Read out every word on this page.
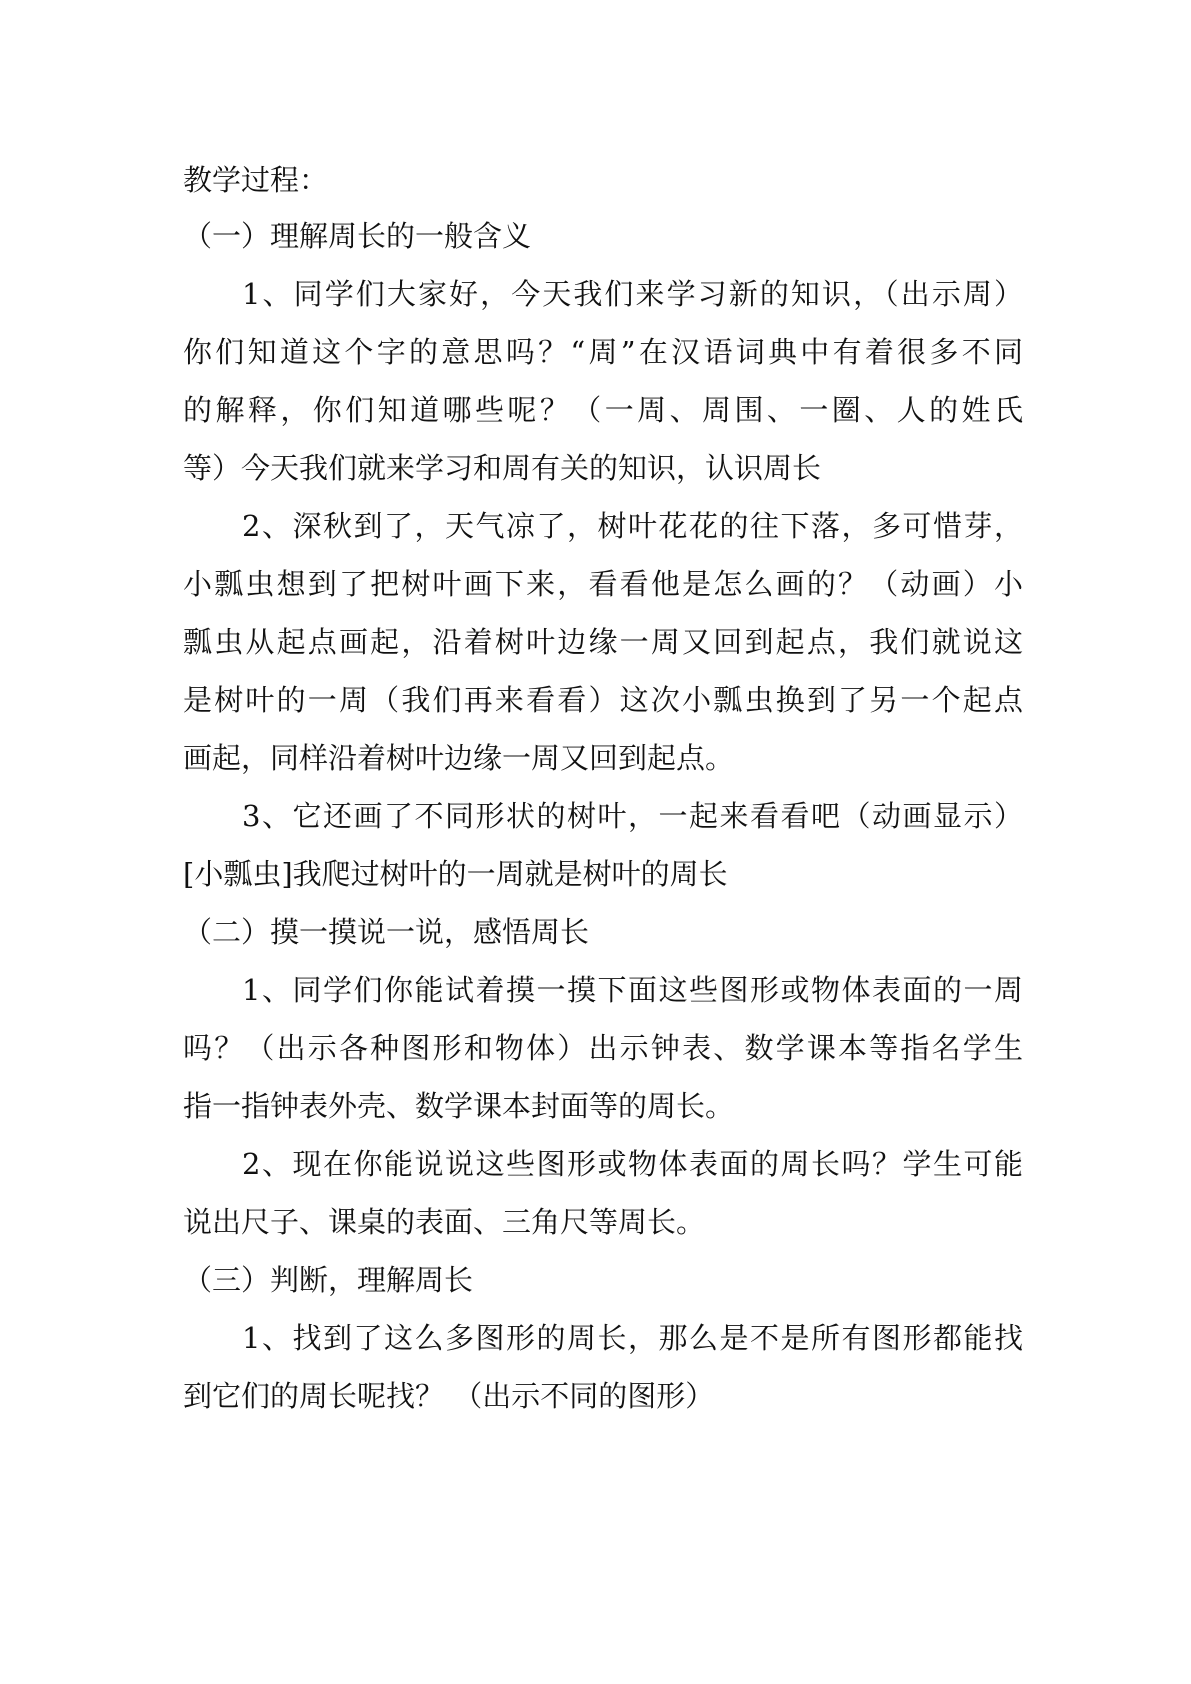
教学过程：
（一）理解周长的一般含义
1、同学们大家好，今天我们来学习新的知识，（出示周）
你们知道这个字的意思吗？“周”在汉语词典中有着很多不同
的解释，你们知道哪些呢？（一周、周围、一圈、人的姓氏
等）今天我们就来学习和周有关的知识，认识周长
2、深秋到了，天气凉了，树叶花花的往下落，多可惜芽，
小瓢虫想到了把树叶画下来，看看他是怎么画的？（动画）小
瓢虫从起点画起，沿着树叶边缘一周又回到起点，我们就说这
是树叶的一周（我们再来看看）这次小瓢虫换到了另一个起点
画起，同样沿着树叶边缘一周又回到起点。
3、它还画了不同形状的树叶，一起来看看吧（动画显示）
[小瓢虫]我爬过树叶的一周就是树叶的周长
（二）摸一摸说一说，感悟周长
1、同学们你能试着摸一摸下面这些图形或物体表面的一周
吗？（出示各种图形和物体）出示钟表、数学课本等指名学生
指一指钟表外壳、数学课本封面等的周长。
2、现在你能说说这些图形或物体表面的周长吗？学生可能
说出尺子、课桌的表面、三角尺等周长。
（三）判断，理解周长
1、找到了这么多图形的周长，那么是不是所有图形都能找
到它们的周长呢找？ （出示不同的图形）
